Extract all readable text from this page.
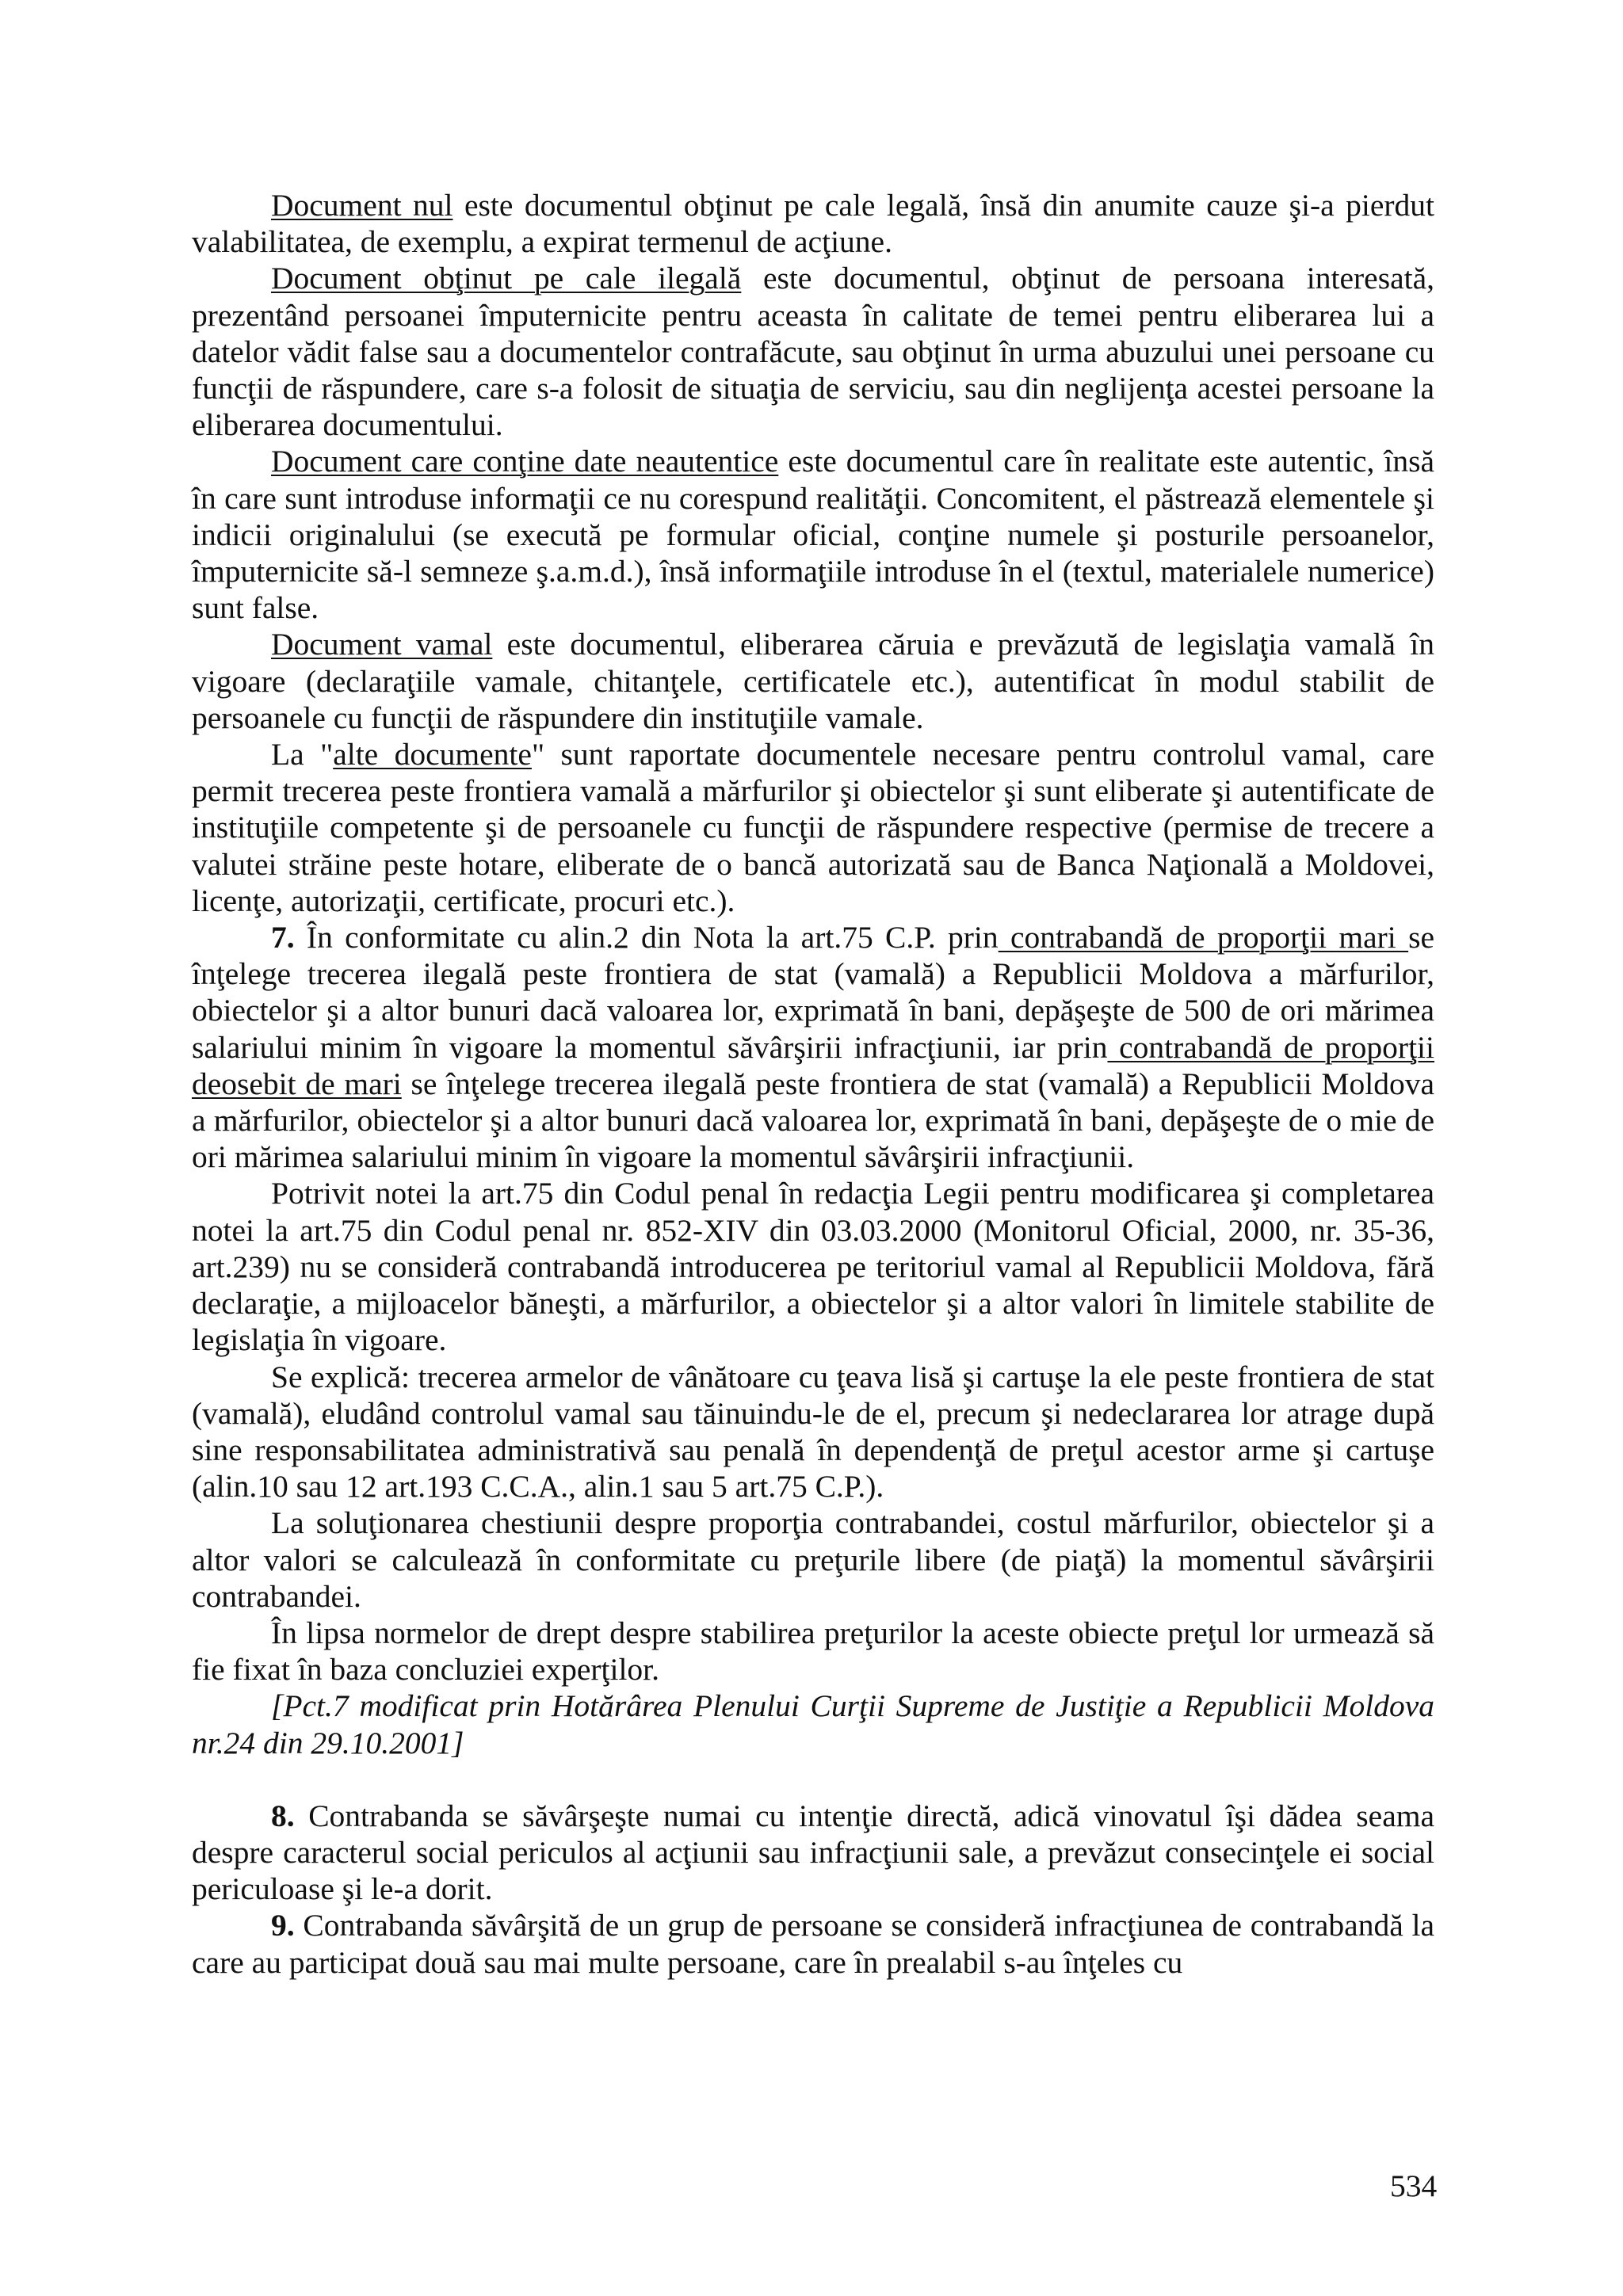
Document nul este documentul obţinut pe cale legală, însă din anumite cauze şi-a pierdut valabilitatea, de exemplu, a expirat termenul de acţiune.

Document obţinut pe cale ilegală este documentul, obţinut de persoana interesată, prezentând persoanei împuternicite pentru aceasta în calitate de temei pentru eliberarea lui a datelor vădit false sau a documentelor contrafăcute, sau obţinut în urma abuzului unei persoane cu funcţii de răspundere, care s-a folosit de situaţia de serviciu, sau din neglijenţa acestei persoane la eliberarea documentului.

Document care conţine date neautentice este documentul care în realitate este autentic, însă în care sunt introduse informaţii ce nu corespund realităţii. Concomitent, el păstrează elementele şi indicii originalului (se execută pe formular oficial, conţine numele şi posturile persoanelor, împuternicite să-l semneze ş.a.m.d.), însă informaţiile introduse în el (textul, materialele numerice) sunt false.

Document vamal este documentul, eliberarea căruia e prevăzută de legislaţia vamală în vigoare (declaraţiile vamale, chitanţele, certificatele etc.), autentificat în modul stabilit de persoanele cu funcţii de răspundere din instituţiile vamale.

La "alte documente" sunt raportate documentele necesare pentru controlul vamal, care permit trecerea peste frontiera vamală a mărfurilor şi obiectelor şi sunt eliberate şi autentificate de instituţiile competente şi de persoanele cu funcţii de răspundere respective (permise de trecere a valutei străine peste hotare, eliberate de o bancă autorizată sau de Banca Naţională a Moldovei, licenţe, autorizaţii, certificate, procuri etc.).

7. În conformitate cu alin.2 din Nota la art.75 C.P. prin contrabandă de proporţii mari se înţelege trecerea ilegală peste frontiera de stat (vamală) a Republicii Moldova a mărfurilor, obiectelor şi a altor bunuri dacă valoarea lor, exprimată în bani, depăşeşte de 500 de ori mărimea salariului minim în vigoare la momentul săvârşirii infracţiunii, iar prin contrabandă de proporţii deosebit de mari se înţelege trecerea ilegală peste frontiera de stat (vamală) a Republicii Moldova a mărfurilor, obiectelor şi a altor bunuri dacă valoarea lor, exprimată în bani, depăşeşte de o mie de ori mărimea salariului minim în vigoare la momentul săvârşirii infracţiunii.

Potrivit notei la art.75 din Codul penal în redacţia Legii pentru modificarea şi completarea notei la art.75 din Codul penal nr. 852-XIV din 03.03.2000 (Monitorul Oficial, 2000, nr. 35-36, art.239) nu se consideră contrabandă introducerea pe teritoriul vamal al Republicii Moldova, fără declaraţie, a mijloacelor băneşti, a mărfurilor, a obiectelor şi a altor valori în limitele stabilite de legislaţia în vigoare.

Se explică: trecerea armelor de vânătoare cu ţeava lisă şi cartuşe la ele peste frontiera de stat (vamală), eludând controlul vamal sau tăinuindu-le de el, precum şi nedeclararea lor atrage după sine responsabilitatea administrativă sau penală în dependenţă de preţul acestor arme şi cartuşe (alin.10 sau 12 art.193 C.C.A., alin.1 sau 5 art.75 C.P.).

La soluţionarea chestiunii despre proporţia contrabandei, costul mărfurilor, obiectelor şi a altor valori se calculează în conformitate cu preţurile libere (de piaţă) la momentul săvârşirii contrabandei.

În lipsa normelor de drept despre stabilirea preţurilor la aceste obiecte preţul lor urmează să fie fixat în baza concluziei experţilor.

[Pct.7 modificat prin Hotărârea Plenului Curţii Supreme de Justiţie a Republicii Moldova nr.24 din 29.10.2001]

8. Contrabanda se săvârşeşte numai cu intenţie directă, adică vinovatul îşi dădea seama despre caracterul social periculos al acţiunii sau infracţiunii sale, a prevăzut consecinţele ei social periculoase şi le-a dorit.

9. Contrabanda săvârşită de un grup de persoane se consideră infracţiunea de contrabandă la care au participat două sau mai multe persoane, care în prealabil s-au înţeles cu

534
